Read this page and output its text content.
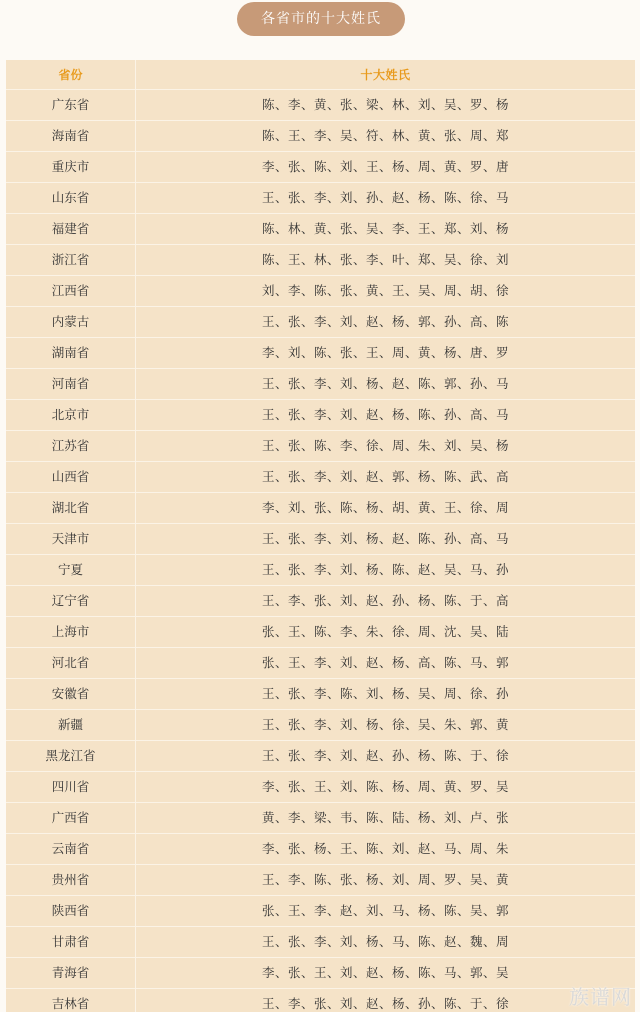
各省市的十大姓氏
省份	十大姓氏
广东省	陈、李、黄、张、梁、林、刘、吴、罗、杨
海南省	陈、王、李、吴、符、林、黄、张、周、郑
重庆市	李、张、陈、刘、王、杨、周、黄、罗、唐
山东省	王、张、李、刘、孙、赵、杨、陈、徐、马
福建省	陈、林、黄、张、吴、李、王、郑、刘、杨
浙江省	陈、王、林、张、李、叶、郑、吴、徐、刘
江西省	刘、李、陈、张、黄、王、吴、周、胡、徐
内蒙古	王、张、李、刘、赵、杨、郭、孙、高、陈
湖南省	李、刘、陈、张、王、周、黄、杨、唐、罗
河南省	王、张、李、刘、杨、赵、陈、郭、孙、马
北京市	王、张、李、刘、赵、杨、陈、孙、高、马
江苏省	王、张、陈、李、徐、周、朱、刘、吴、杨
山西省	王、张、李、刘、赵、郭、杨、陈、武、高
湖北省	李、刘、张、陈、杨、胡、黄、王、徐、周
天津市	王、张、李、刘、杨、赵、陈、孙、高、马
宁夏	王、张、李、刘、杨、陈、赵、吴、马、孙
辽宁省	王、李、张、刘、赵、孙、杨、陈、于、高
上海市	张、王、陈、李、朱、徐、周、沈、吴、陆
河北省	张、王、李、刘、赵、杨、高、陈、马、郭
安徽省	王、张、李、陈、刘、杨、吴、周、徐、孙
新疆	王、张、李、刘、杨、徐、吴、朱、郭、黄
黑龙江省	王、张、李、刘、赵、孙、杨、陈、于、徐
四川省	李、张、王、刘、陈、杨、周、黄、罗、吴
广西省	黄、李、梁、韦、陈、陆、杨、刘、卢、张
云南省	李、张、杨、王、陈、刘、赵、马、周、朱
贵州省	王、李、陈、张、杨、刘、周、罗、吴、黄
陕西省	张、王、李、赵、刘、马、杨、陈、吴、郭
甘肃省	王、张、李、刘、杨、马、陈、赵、魏、周
青海省	李、张、王、刘、赵、杨、陈、马、郭、吴
吉林省	王、李、张、刘、赵、杨、孙、陈、于、徐	族谱网
